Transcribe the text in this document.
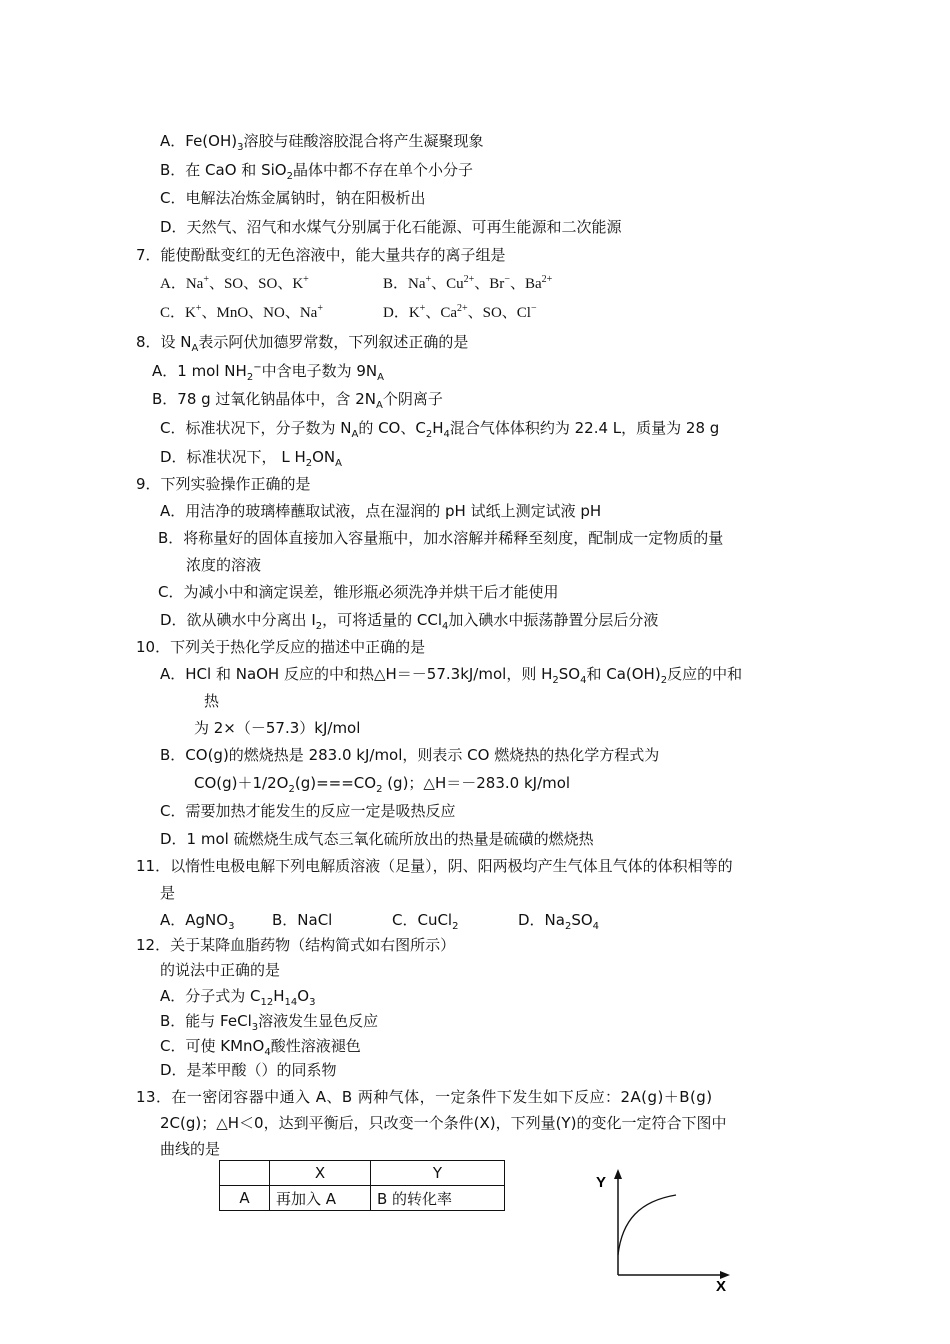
A．$Fe(OH)_3$溶胶与硅酸溶胶混合将产生凝聚现象
B．在 CaO 和 SiO$_2$晶体中都不存在单个小分子
C．电解法冶炼金属钠时，钠在阳极析出
D．天然气、沼气和水煤气分别属于化石能源、可再生能源和二次能源
7．能使酚酞变红的无色溶液中，能大量共存的离子组是
A．Na+、SO、SO、K+	B．Na+、$Cu^{2+}$、Br−、$Ba^{2+}$
C．K+、MnO、NO、Na+	D．K+、$Ca^{2+}$、SO、Cl−
8．设 $N_A$表示阿伏加德罗常数，下列叙述正确的是
A．1 mol $NH_2^-$中含电子数为 $9N_A$
B．78 g 过氧化钠晶体中，含 $2N_A$个阴离子
C．标准状况下，分子数为 $N_A$的 CO、$C_2H_4$混合气体体积约为 22.4 L，质量为 28 g
D．标准状况下， L $H_2ON_A$
9．下列实验操作正确的是
A．用洁净的玻璃棒蘸取试液，点在湿润的 pH 试纸上测定试液 pH
B．将称量好的固体直接加入容量瓶中，加水溶解并稀释至刻度，配制成一定物质的量
浓度的溶液
C．为减小中和滴定误差，锥形瓶必须洗净并烘干后才能使用
D．欲从碘水中分离出 $I_2$，可将适量的 CCl$_4$加入碘水中振荡静置分层后分液
10．下列关于热化学反应的描述中正确的是
A．HCl 和 NaOH 反应的中和热△H＝－57.3kJ/mol，则 $H_2SO_4$和 $Ca(OH)_2$反应的中和
热
为 2×（－57.3）kJ/mol
B．CO(g)的燃烧热是 283.0 kJ/mol，则表示 CO 燃烧热的热化学方程式为
$CO(g)+1/2O_2(g)===CO_2$ (g)；△H＝－283.0 kJ/mol
C．需要加热才能发生的反应一定是吸热反应
D．1 mol 硫燃烧生成气态三氧化硫所放出的热量是硫磺的燃烧热
11．以惰性电极电解下列电解质溶液（足量），阴、阳两极均产生气体且气体的体积相等的
是
A．AgNO$_3$	B．NaCl	C．CuCl$_2$	D．$Na_2SO_4$
12．关于某降血脂药物（结构简式如右图所示）
的说法中正确的是
A．分子式为 $C_{12}H_{14}O_3$
B．能与 FeCl$_3$溶液发生显色反应
C．可使 KMnO$_4$酸性溶液褪色
D．是苯甲酸（）的同系物
13．在一密闭容器中通入 A、B 两种气体，一定条件下发生如下反应：2A(g)＋B(g)
2C(g)；△H＜0，达到平衡后，只改变一个条件(X)，下列量(Y)的变化一定符合下图中
曲线的是
	X	Y
A	再加入 A	B 的转化率
Y
X
